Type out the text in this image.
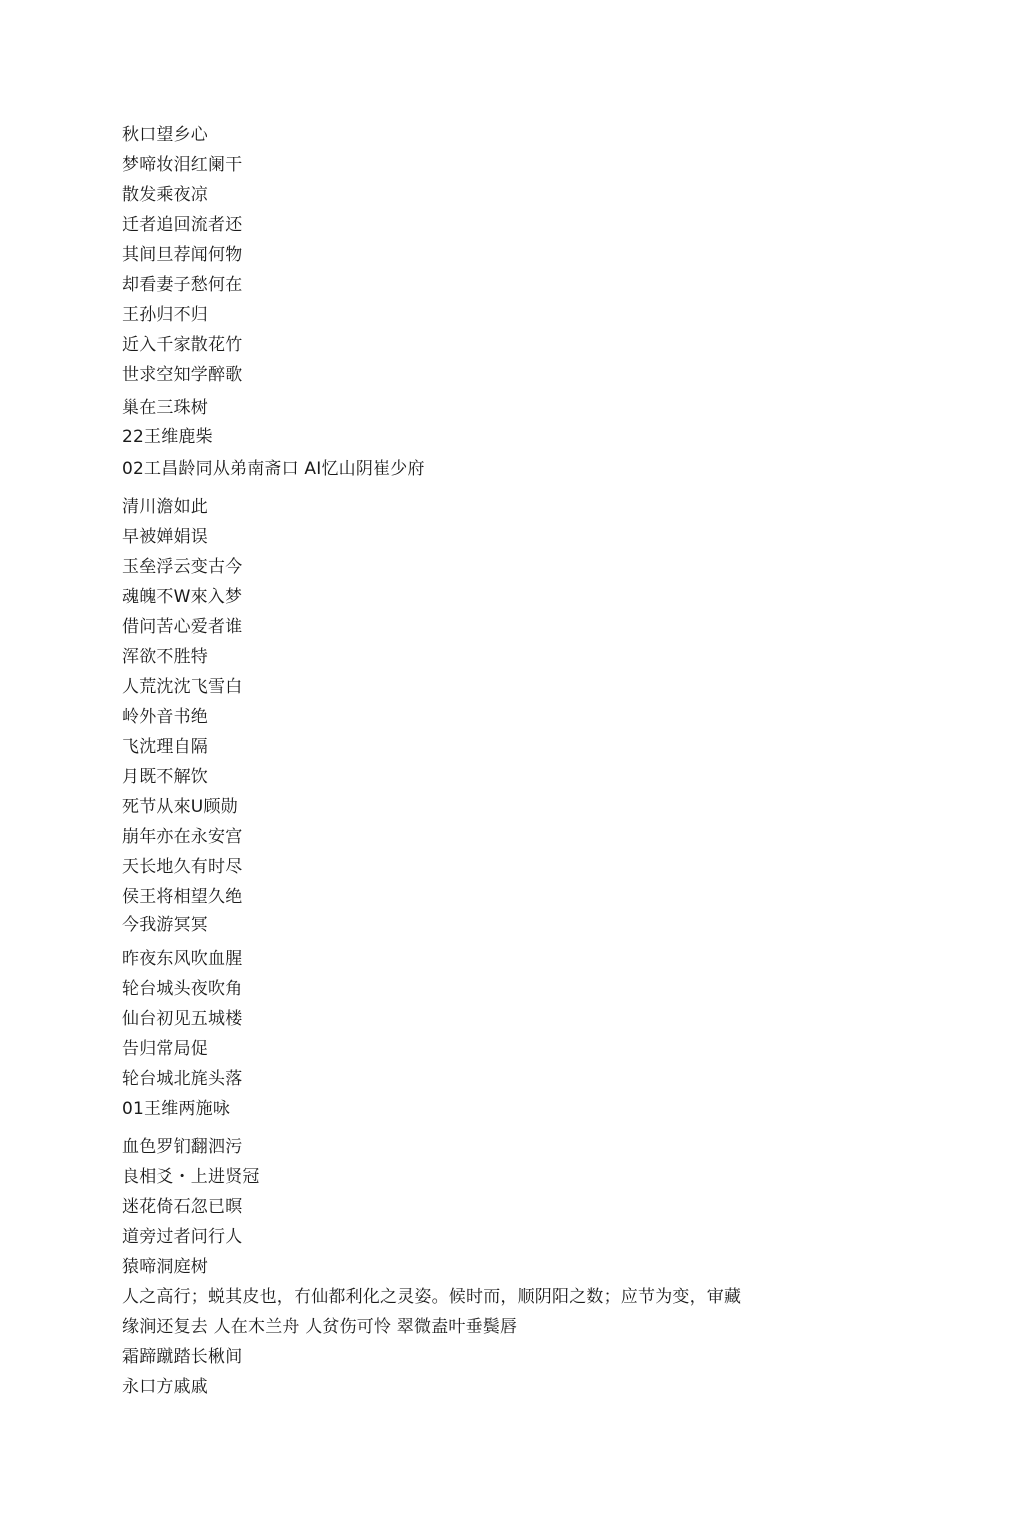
秋口望乡心
梦啼妆泪红阑干
散发乘夜凉
迁者追回流者还
其间旦荐闻何物
却看妻子愁何在
王孙归不归
近入千家散花竹
世求空知学醉歌
巢在三珠树
22王维鹿柴
02工昌龄同从弟南斋口 AI忆山阴崔少府
清川澹如此
早被婵娟误
玉垒浮云变古今
魂魄不W來入梦
借问苦心爱者谁
浑欲不胜特
人荒沈沈飞雪白
岭外音书绝
飞沈理自隔
月既不解饮
死节从來U顾勋
崩年亦在永安宫
天长地久有时尽
侯王将相望久绝
今我游冥冥
昨夜东风吹血腥
轮台城头夜吹角
仙台初见五城楼
告归常局促
轮台城北旄头落
01王维两施咏
血色罗钔翻泗污
良相爻・上进贤冠
迷花倚石忽已暝
道旁过者问行人
猿啼洞庭树
人之高行；蜕其皮也，冇仙都利化之灵姿。候时而，顺阴阳之数；应节为变，审藏
缘涧还复去 人在木兰舟 人贫伤可怜 翠微盍叶垂鬓唇
霜蹄蹴踏长楸间
永口方戚戚
